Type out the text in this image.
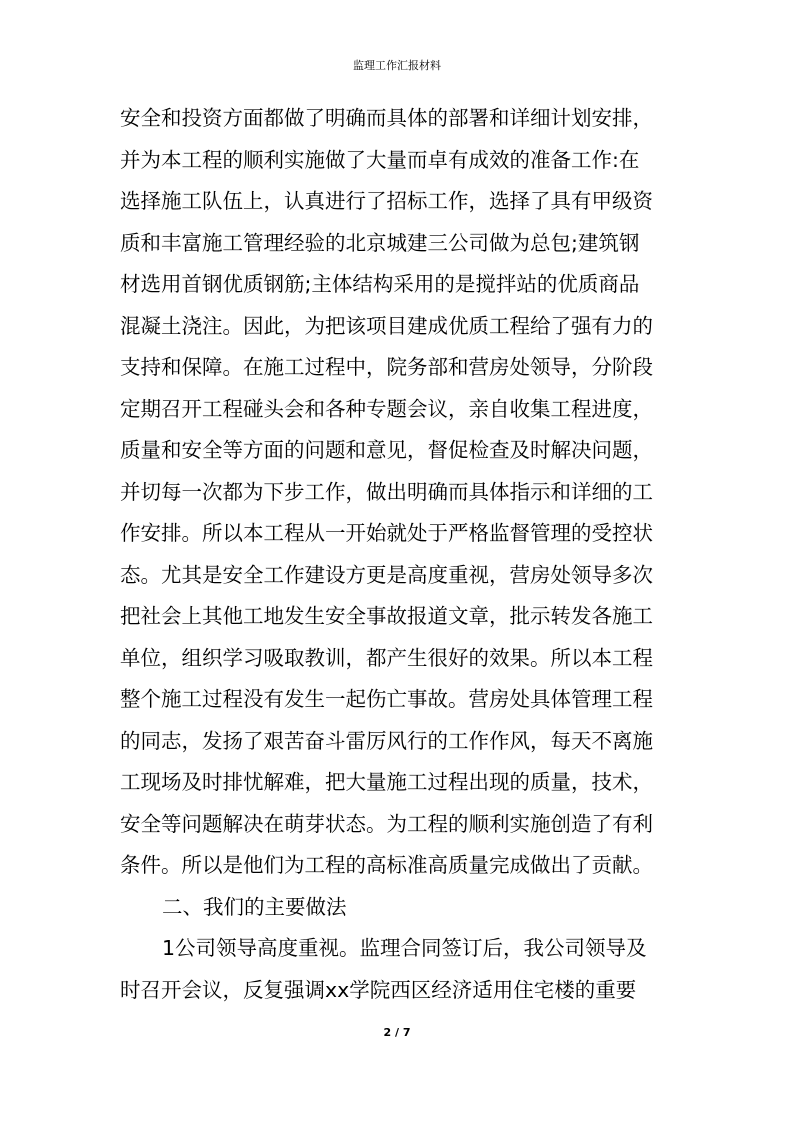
监理工作汇报材料
安全和投资方面都做了明确而具体的部署和详细计划安排，
并为本工程的顺利实施做了大量而卓有成效的准备工作:在
选择施工队伍上，认真进行了招标工作，选择了具有甲级资
质和丰富施工管理经验的北京城建三公司做为总包;建筑钢
材选用首钢优质钢筋;主体结构采用的是搅拌站的优质商品
混凝土浇注。因此，为把该项目建成优质工程给了强有力的
支持和保障。在施工过程中，院务部和营房处领导，分阶段
定期召开工程碰头会和各种专题会议，亲自收集工程进度，
质量和安全等方面的问题和意见，督促检查及时解决问题，
并切每一次都为下步工作，做出明确而具体指示和详细的工
作安排。所以本工程从一开始就处于严格监督管理的受控状
态。尤其是安全工作建设方更是高度重视，营房处领导多次
把社会上其他工地发生安全事故报道文章，批示转发各施工
单位，组织学习吸取教训，都产生很好的效果。所以本工程
整个施工过程没有发生一起伤亡事故。营房处具体管理工程
的同志，发扬了艰苦奋斗雷厉风行的工作作风，每天不离施
工现场及时排忧解难，把大量施工过程出现的质量，技术，
安全等问题解决在萌芽状态。为工程的顺利实施创造了有利
条件。所以是他们为工程的高标准高质量完成做出了贡献。
二、我们的主要做法
1公司领导高度重视。监理合同签订后，我公司领导及
时召开会议，反复强调xx学院西区经济适用住宅楼的重要
2 / 7
